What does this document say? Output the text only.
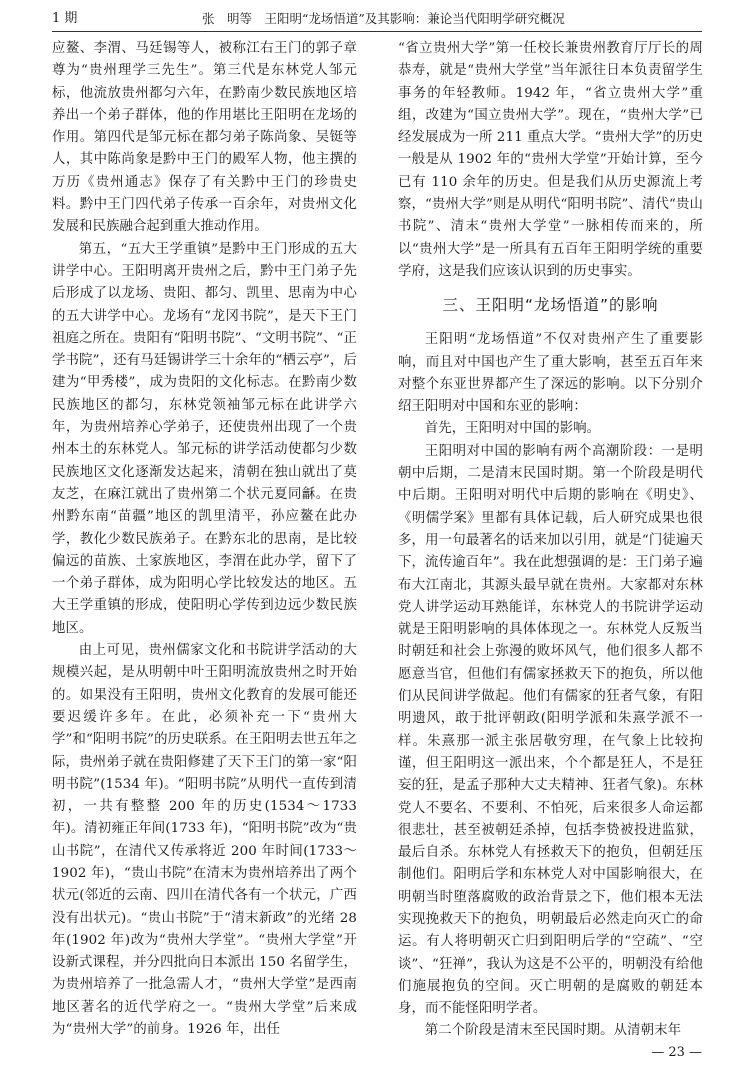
1 期	张　明等　王阳明“龙场悟道”及其影响：兼论当代阳明学研究概况

应鳌、李渭、马廷锡等人，被称江右王门的郭子章尊为“贵州理学三先生”。第三代是东林党人邹元标，他流放贵州都匀六年，在黔南少数民族地区培养出一个弟子群体，他的作用堪比王阳明在龙场的作用。第四代是邹元标在都匀弟子陈尚象、吴铤等人，其中陈尚象是黔中王门的殿军人物，他主撰的万历《贵州通志》保存了有关黔中王门的珍贵史料。黔中王门四代弟子传承一百余年，对贵州文化发展和民族融合起到重大推动作用。

第五，“五大王学重镇”是黔中王门形成的五大讲学中心。王阳明离开贵州之后，黔中王门弟子先后形成了以龙场、贵阳、都匀、凯里、思南为中心的五大讲学中心。龙场有“龙冈书院”，是天下王门祖庭之所在。贵阳有“阳明书院”、“文明书院”、“正学书院”，还有马廷锡讲学三十余年的“栖云亭”，后建为“甲秀楼”，成为贵阳的文化标志。在黔南少数民族地区的都匀，东林党领袖邹元标在此讲学六年，为贵州培养心学弟子，还使贵州出现了一个贵州本土的东林党人。邹元标的讲学活动使都匀少数民族地区文化逐渐发达起来，清朝在独山就出了莫友芝，在麻江就出了贵州第二个状元夏同龢。在贵州黔东南“苗疆”地区的凯里清平，孙应鳌在此办学，教化少数民族弟子。在黔东北的思南，是比较偏远的苗族、土家族地区，李渭在此办学，留下了一个弟子群体，成为阳明心学比较发达的地区。五大王学重镇的形成，使阳明心学传到边远少数民族地区。

由上可见，贵州儒家文化和书院讲学活动的大规模兴起，是从明朝中叶王阳明流放贵州之时开始的。如果没有王阳明，贵州文化教育的发展可能还要迟缓许多年。在此，必须补充一下“贵州大学”和“阳明书院”的历史联系。在王阳明去世五年之际，贵州弟子就在贵阳修建了天下王门的第一家“阳明书院”(1534 年)。“阳明书院”从明代一直传到清初，一共有整整 200 年的历史(1534～1733 年)。清初雍正年间(1733 年)，“阳明书院”改为“贵山书院”，在清代又传承将近 200 年时间(1733～1902 年)，“贵山书院”在清末为贵州培养出了两个状元(邻近的云南、四川在清代各有一个状元，广西没有出状元)。“贵山书院”于“清末新政”的光绪 28 年(1902 年)改为“贵州大学堂”。“贵州大学堂”开设新式课程，并分四批向日本派出 150 名留学生，为贵州培养了一批急需人才，“贵州大学堂”是西南地区著名的近代学府之一。“贵州大学堂”后来成为“贵州大学”的前身。1926 年，出任

“省立贵州大学”第一任校长兼贵州教育厅厅长的周恭寿，就是“贵州大学堂”当年派往日本负责留学生事务的年轻教师。1942 年，“省立贵州大学”重组，改建为“国立贵州大学”。现在，“贵州大学”已经发展成为一所 211 重点大学。“贵州大学”的历史一般是从 1902 年的“贵州大学堂”开始计算，至今已有 110 余年的历史。但是我们从历史源流上考察，“贵州大学”则是从明代“阳明书院”、清代“贵山书院”、清末“贵州大学堂”一脉相传而来的，所以“贵州大学”是一所具有五百年王阳明学统的重要学府，这是我们应该认识到的历史事实。

三、王阳明“龙场悟道”的影响

王阳明“龙场悟道”不仅对贵州产生了重要影响，而且对中国也产生了重大影响，甚至五百年来对整个东亚世界都产生了深远的影响。以下分别介绍王阳明对中国和东亚的影响：

首先，王阳明对中国的影响。

王阳明对中国的影响有两个高潮阶段：一是明朝中后期，二是清末民国时期。第一个阶段是明代中后期。王阳明对明代中后期的影响在《明史》、《明儒学案》里都有具体记载，后人研究成果也很多，用一句最著名的话来加以引用，就是“门徒遍天下，流传逾百年”。我在此想强调的是：王门弟子遍布大江南北，其源头最早就在贵州。大家都对东林党人讲学运动耳熟能详，东林党人的书院讲学运动就是王阳明影响的具体体现之一。东林党人反叛当时朝廷和社会上弥漫的败坏风气，他们很多人都不愿意当官，但他们有儒家拯救天下的抱负，所以他们从民间讲学做起。他们有儒家的狂者气象，有阳明遗风，敢于批评朝政(阳明学派和朱熹学派不一样。朱熹那一派主张居敬穷理，在气象上比较拘谨，但王阳明这一派出来，个个都是狂人，不是狂妄的狂，是孟子那种大丈夫精神、狂者气象)。东林党人不要名、不要利、不怕死，后来很多人命运都很悲壮，甚至被朝廷杀掉，包括李贽被投进监狱，最后自杀。东林党人有拯救天下的抱负，但朝廷压制他们。阳明后学和东林党人对中国影响很大，在明朝当时堕落腐败的政治背景之下，他们根本无法实现挽救天下的抱负，明朝最后必然走向灭亡的命运。有人将明朝灭亡归到阳明后学的“空疏”、“空谈”、“狂禅”，我认为这是不公平的，明朝没有给他们施展抱负的空间。灭亡明朝的是腐败的朝廷本身，而不能怪阳明学者。

第二个阶段是清末至民国时期。从清朝末年

— 23 —
